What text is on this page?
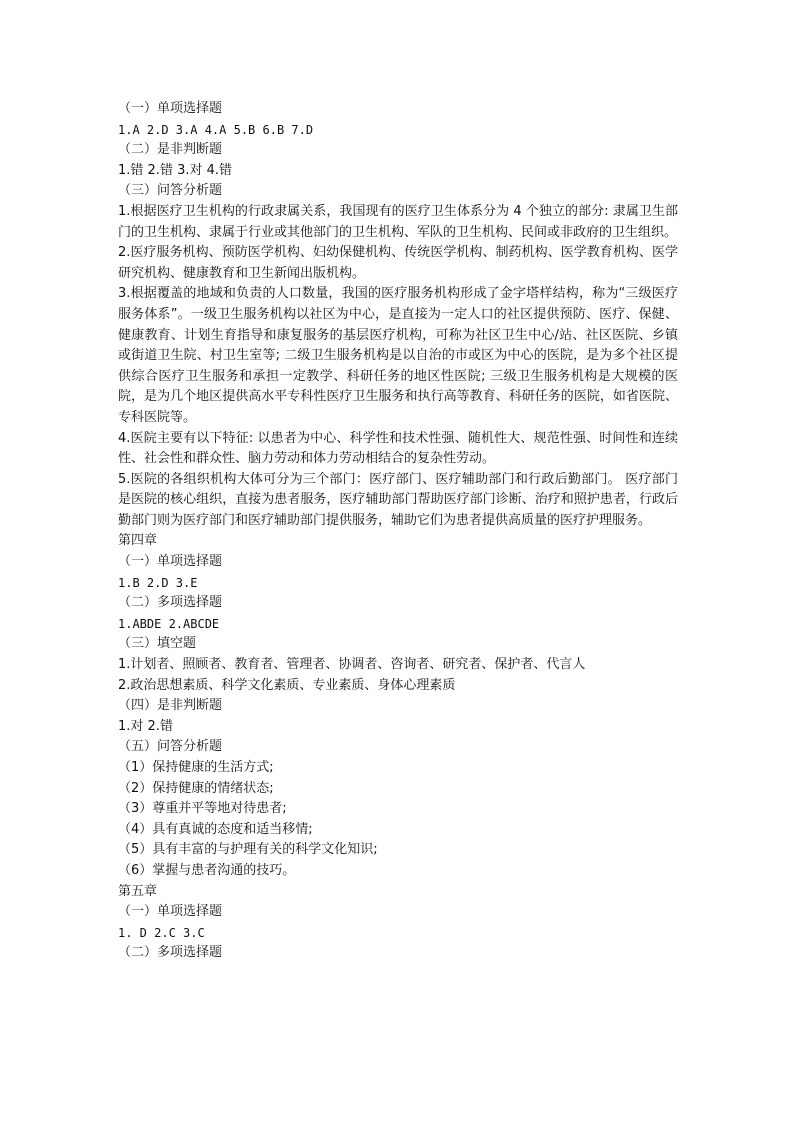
（一）单项选择题
1.A 2.D 3.A 4.A 5.B 6.B 7.D
（二）是非判断题
1.错 2.错 3.对 4.错
（三）问答分析题
1.根据医疗卫生机构的行政隶属关系，我国现有的医疗卫生体系分为 4 个独立的部分: 隶属卫生部门的卫生机构、隶属于行业或其他部门的卫生机构、军队的卫生机构、民间或非政府的卫生组织。
2.医疗服务机构、预防医学机构、妇幼保健机构、传统医学机构、制药机构、医学教育机构、医学研究机构、健康教育和卫生新闻出版机构。
3.根据覆盖的地域和负责的人口数量，我国的医疗服务机构形成了金字塔样结构，称为“三级医疗服务体系”。一级卫生服务机构以社区为中心，是直接为一定人口的社区提供预防、医疗、保健、健康教育、计划生育指导和康复服务的基层医疗机构，可称为社区卫生中心/站、社区医院、乡镇或街道卫生院、村卫生室等; 二级卫生服务机构是以自治的市或区为中心的医院，是为多个社区提供综合医疗卫生服务和承担一定教学、科研任务的地区性医院; 三级卫生服务机构是大规模的医院，是为几个地区提供高水平专科性医疗卫生服务和执行高等教育、科研任务的医院，如省医院、专科医院等。
4.医院主要有以下特征: 以患者为中心、科学性和技术性强、随机性大、规范性强、时间性和连续性、社会性和群众性、脑力劳动和体力劳动相结合的复杂性劳动。
5.医院的各组织机构大体可分为三个部门：医疗部门、医疗辅助部门和行政后勤部门。 医疗部门是医院的核心组织，直接为患者服务，医疗辅助部门帮助医疗部门诊断、治疗和照护患者，行政后勤部门则为医疗部门和医疗辅助部门提供服务，辅助它们为患者提供高质量的医疗护理服务。
第四章
（一）单项选择题
1.B 2.D 3.E
（二）多项选择题
1.ABDE 2.ABCDE
（三）填空题
1.计划者、照顾者、教育者、管理者、协调者、咨询者、研究者、保护者、代言人
2.政治思想素质、科学文化素质、专业素质、身体心理素质
（四）是非判断题
1.对 2.错
（五）问答分析题
（1）保持健康的生活方式;
（2）保持健康的情绪状态;
（3）尊重并平等地对待患者;
（4）具有真诚的态度和适当移情;
（5）具有丰富的与护理有关的科学文化知识;
（6）掌握与患者沟通的技巧。
第五章
（一）单项选择题
1. D 2.C 3.C
（二）多项选择题
